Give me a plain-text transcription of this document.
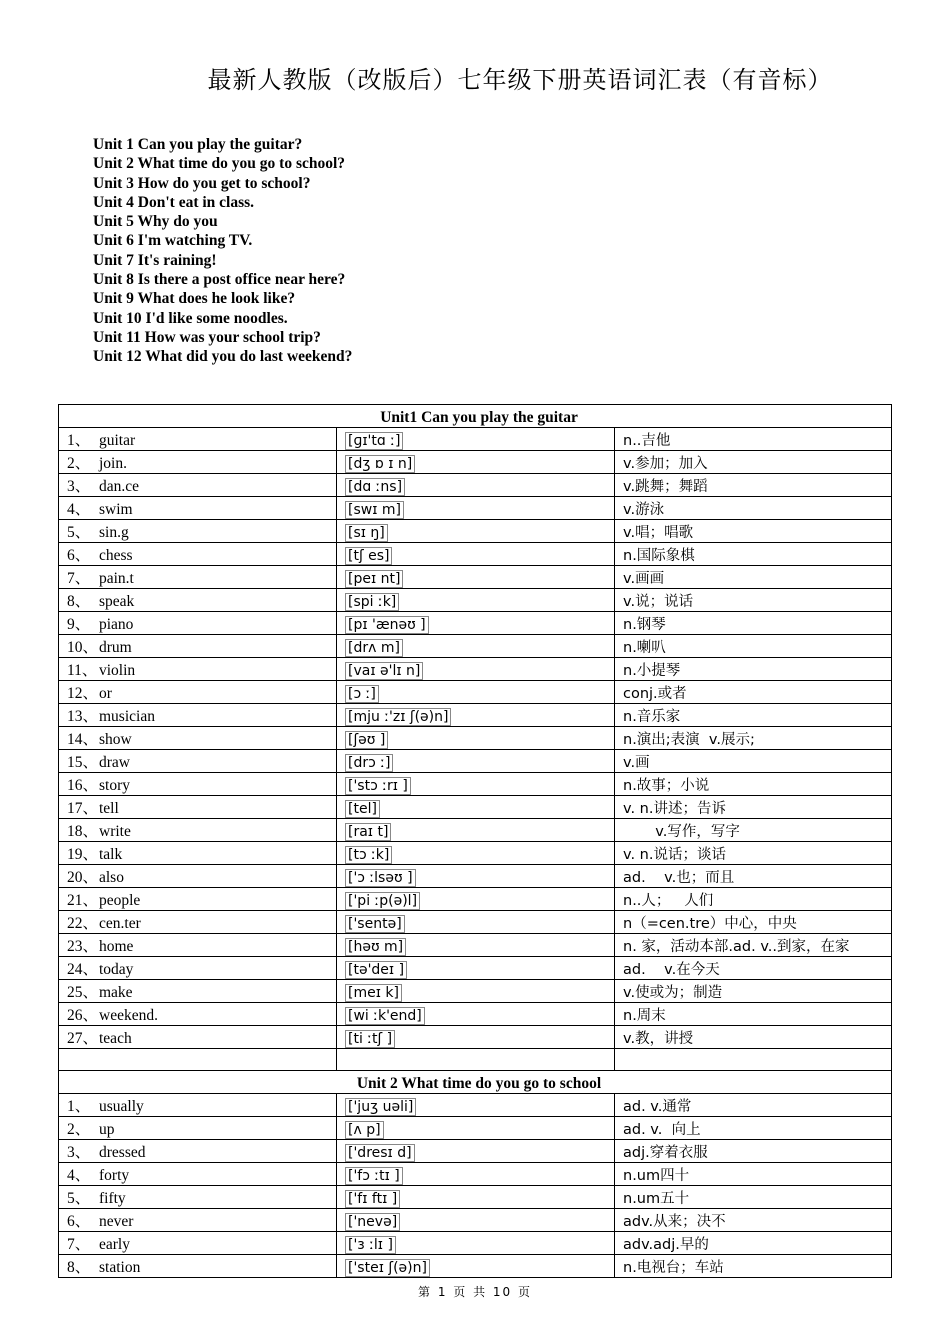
最新人教版（改版后）七年级下册英语词汇表（有音标）
Unit 1 Can you play the guitar?
Unit 2 What time do you go to school?
Unit 3 How do you get to school?
Unit 4 Don't eat in class.
Unit 5 Why do you
Unit 6 I'm watching TV.
Unit 7 It's raining!
Unit 8 Is there a post office near here?
Unit 9 What does he look like?
Unit 10 I'd like some noodles.
Unit 11 How was your school trip?
Unit 12 What did you do last weekend?
Unit1 Can you play the guitar		
1、 guitar	[ɡɪ'tɑ ː]	n..吉他
2、 join.	[dʒ ɒ ɪ n]	v.参加；加入
3、 dan.ce	[dɑ ːns]	v.跳舞；舞蹈
4、 swim	[swɪ m]	v.游泳
5、 sin.g	[sɪ ŋ]	v.唱；唱歌
6、 chess	[tʃ es]	n.国际象棋
7、 pain.t	[peɪ nt]	v.画画
8、 speak	[spi ːk]	v.说；说话
9、 piano	[pɪ 'ænəʊ ]	n.钢琴
10、drum	[drʌ m]	n.喇叭
11、 violin	[vaɪ ə'lɪ n]	n.小提琴
12、or	[ɔ ː]	conj.或者
13、musician	[mju ː'zɪ ʃ(ə)n]	n.音乐家
14、show	[ʃəʊ ]	n.演出;表演  v.展示;
15、draw	[drɔ ː]	v.画
16、story	['stɔ ːrɪ ]	n.故事；小说
17、tell	[tel]	v. n.讲述；告诉
18、write	[raɪ t]	v.写作，写字
19、talk	[tɔ ːk]	v. n.说话；谈话
20、also	['ɔ ːlsəʊ ]	ad.    v.也；而且
21、people	['pi ːp(ə)l]	n..人；   人们
22、cen.ter	['sentə]	n（=cen.tre）中心，中央
23、home	[həʊ m]	n. 家，活动本部.ad. v..到家，在家
24、today	[tə'deɪ ]	ad.    v.在今天
25、make	[meɪ k]	v.使或为；制造
26、weekend.	[wi ːk'end]	n.周末
27、teach	[ti ːtʃ ]	v.教，讲授

Unit 2 What time do you go to school		
1、 usually	['juʒ uəli]	ad. v.通常
2、 up	[ʌ p]	ad. v.  向上
3、 dressed	['dresɪ d]	adj.穿着衣服
4、 forty	['fɔ ːtɪ ]	n.um四十
5、 fifty	['fɪ ftɪ ]	n.um五十
6、 never	['nevə]	adv.从来；决不
7、 early	['ɜ ːlɪ ]	adv.adj.早的
8、 station	['steɪ ʃ(ə)n]	n.电视台；车站
第 1 页 共 10 页
